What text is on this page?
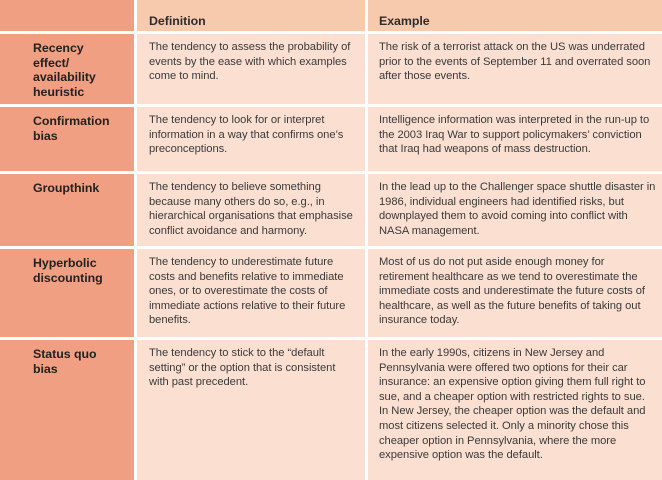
Definition	Example
Recency effect/ availability heuristic
The tendency to assess the probability of events by the ease with which examples come to mind.
The risk of a terrorist attack on the US was underrated prior to the events of September 11 and overrated soon after those events.
Confirmation bias
The tendency to look for or interpret information in a way that confirms one’s preconceptions.
Intelligence information was interpreted in the run-up to the 2003 Iraq War to support policymakers’ conviction that Iraq had weapons of mass destruction.
Groupthink	The tendency to believe something because many others do so, e.g., in hierarchical organisations that emphasise conflict avoidance and harmony.
In the lead up to the Challenger space shuttle disaster in 1986, individual engineers had identified risks, but downplayed them to avoid coming into conflict with NASA management.
Hyperbolic discounting
The tendency to underestimate future costs and benefits relative to immediate ones, or to overestimate the costs of immediate actions relative to their future benefits.
Most of us do not put aside enough money for retirement healthcare as we tend to overestimate the immediate costs and underestimate the future costs of healthcare, as well as the future benefits of taking out insurance today.
Status quo bias
The tendency to stick to the “default setting” or the option that is consistent with past precedent.
In the early 1990s, citizens in New Jersey and Pennsylvania were offered two options for their car insurance: an expensive option giving them full right to sue, and a cheaper option with restricted rights to sue. In New Jersey, the cheaper option was the default and most citizens selected it. Only a minority chose this cheaper option in Pennsylvania, where the more expensive option was the default.
